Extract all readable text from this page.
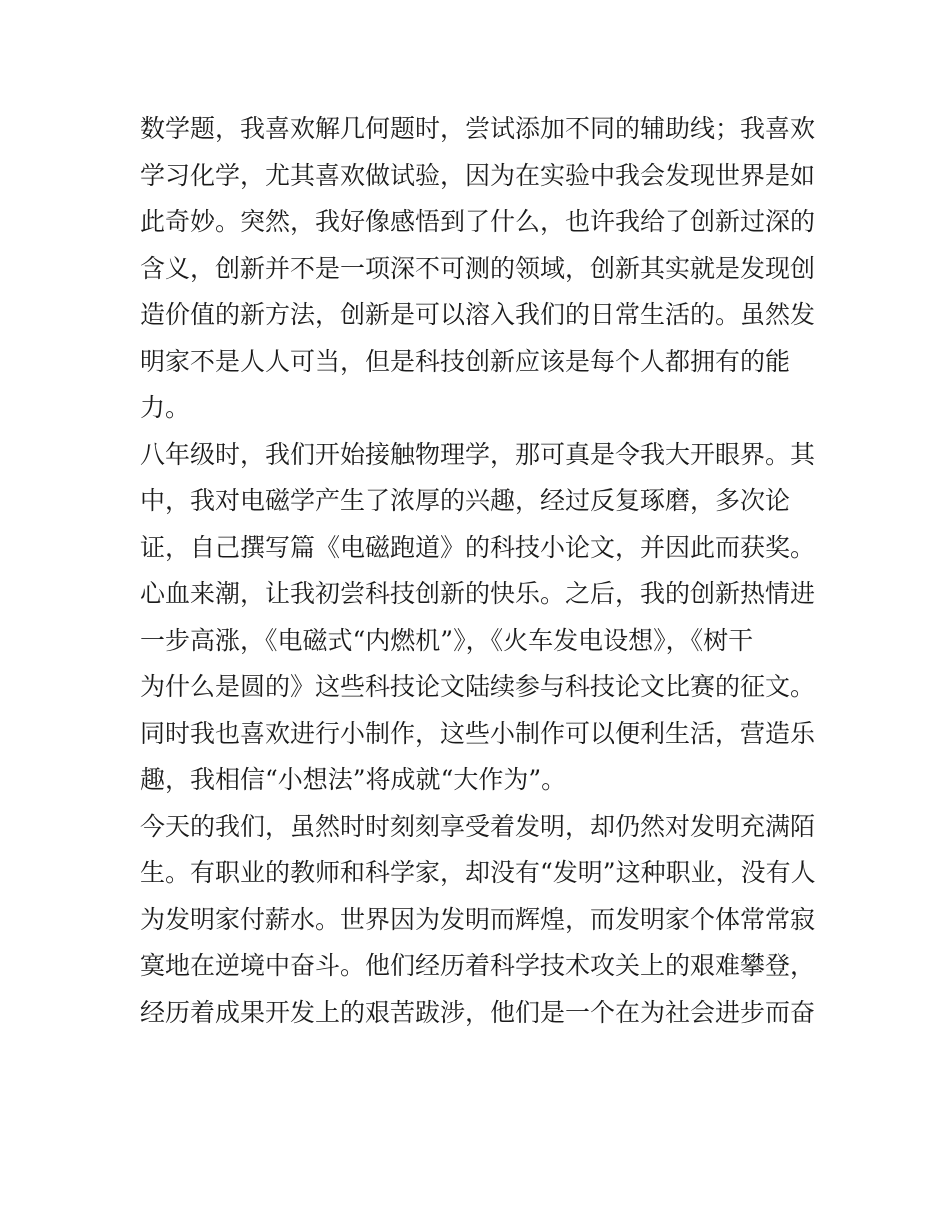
数学题，我喜欢解几何题时，尝试添加不同的辅助线；我喜欢
学习化学，尤其喜欢做试验，因为在实验中我会发现世界是如
此奇妙。突然，我好像感悟到了什么，也许我给了创新过深的
含义，创新并不是一项深不可测的领域，创新其实就是发现创
造价值的新方法，创新是可以溶入我们的日常生活的。虽然发
明家不是人人可当，但是科技创新应该是每个人都拥有的能
力。
八年级时，我们开始接触物理学，那可真是令我大开眼界。其
中，我对电磁学产生了浓厚的兴趣，经过反复琢磨，多次论
证，自己撰写篇《电磁跑道》的科技小论文，并因此而获奖。
心血来潮，让我初尝科技创新的快乐。之后，我的创新热情进
一步高涨，《电磁式“内燃机”》，《火车发电设想》，《树干
为什么是圆的》这些科技论文陆续参与科技论文比赛的征文。
同时我也喜欢进行小制作，这些小制作可以便利生活，营造乐
趣，我相信“小想法”将成就“大作为”。
今天的我们，虽然时时刻刻享受着发明，却仍然对发明充满陌
生。有职业的教师和科学家，却没有“发明”这种职业，没有人
为发明家付薪水。世界因为发明而辉煌，而发明家个体常常寂
寞地在逆境中奋斗。他们经历着科学技术攻关上的艰难攀登，
经历着成果开发上的艰苦跋涉，他们是一个在为社会进步而奋
